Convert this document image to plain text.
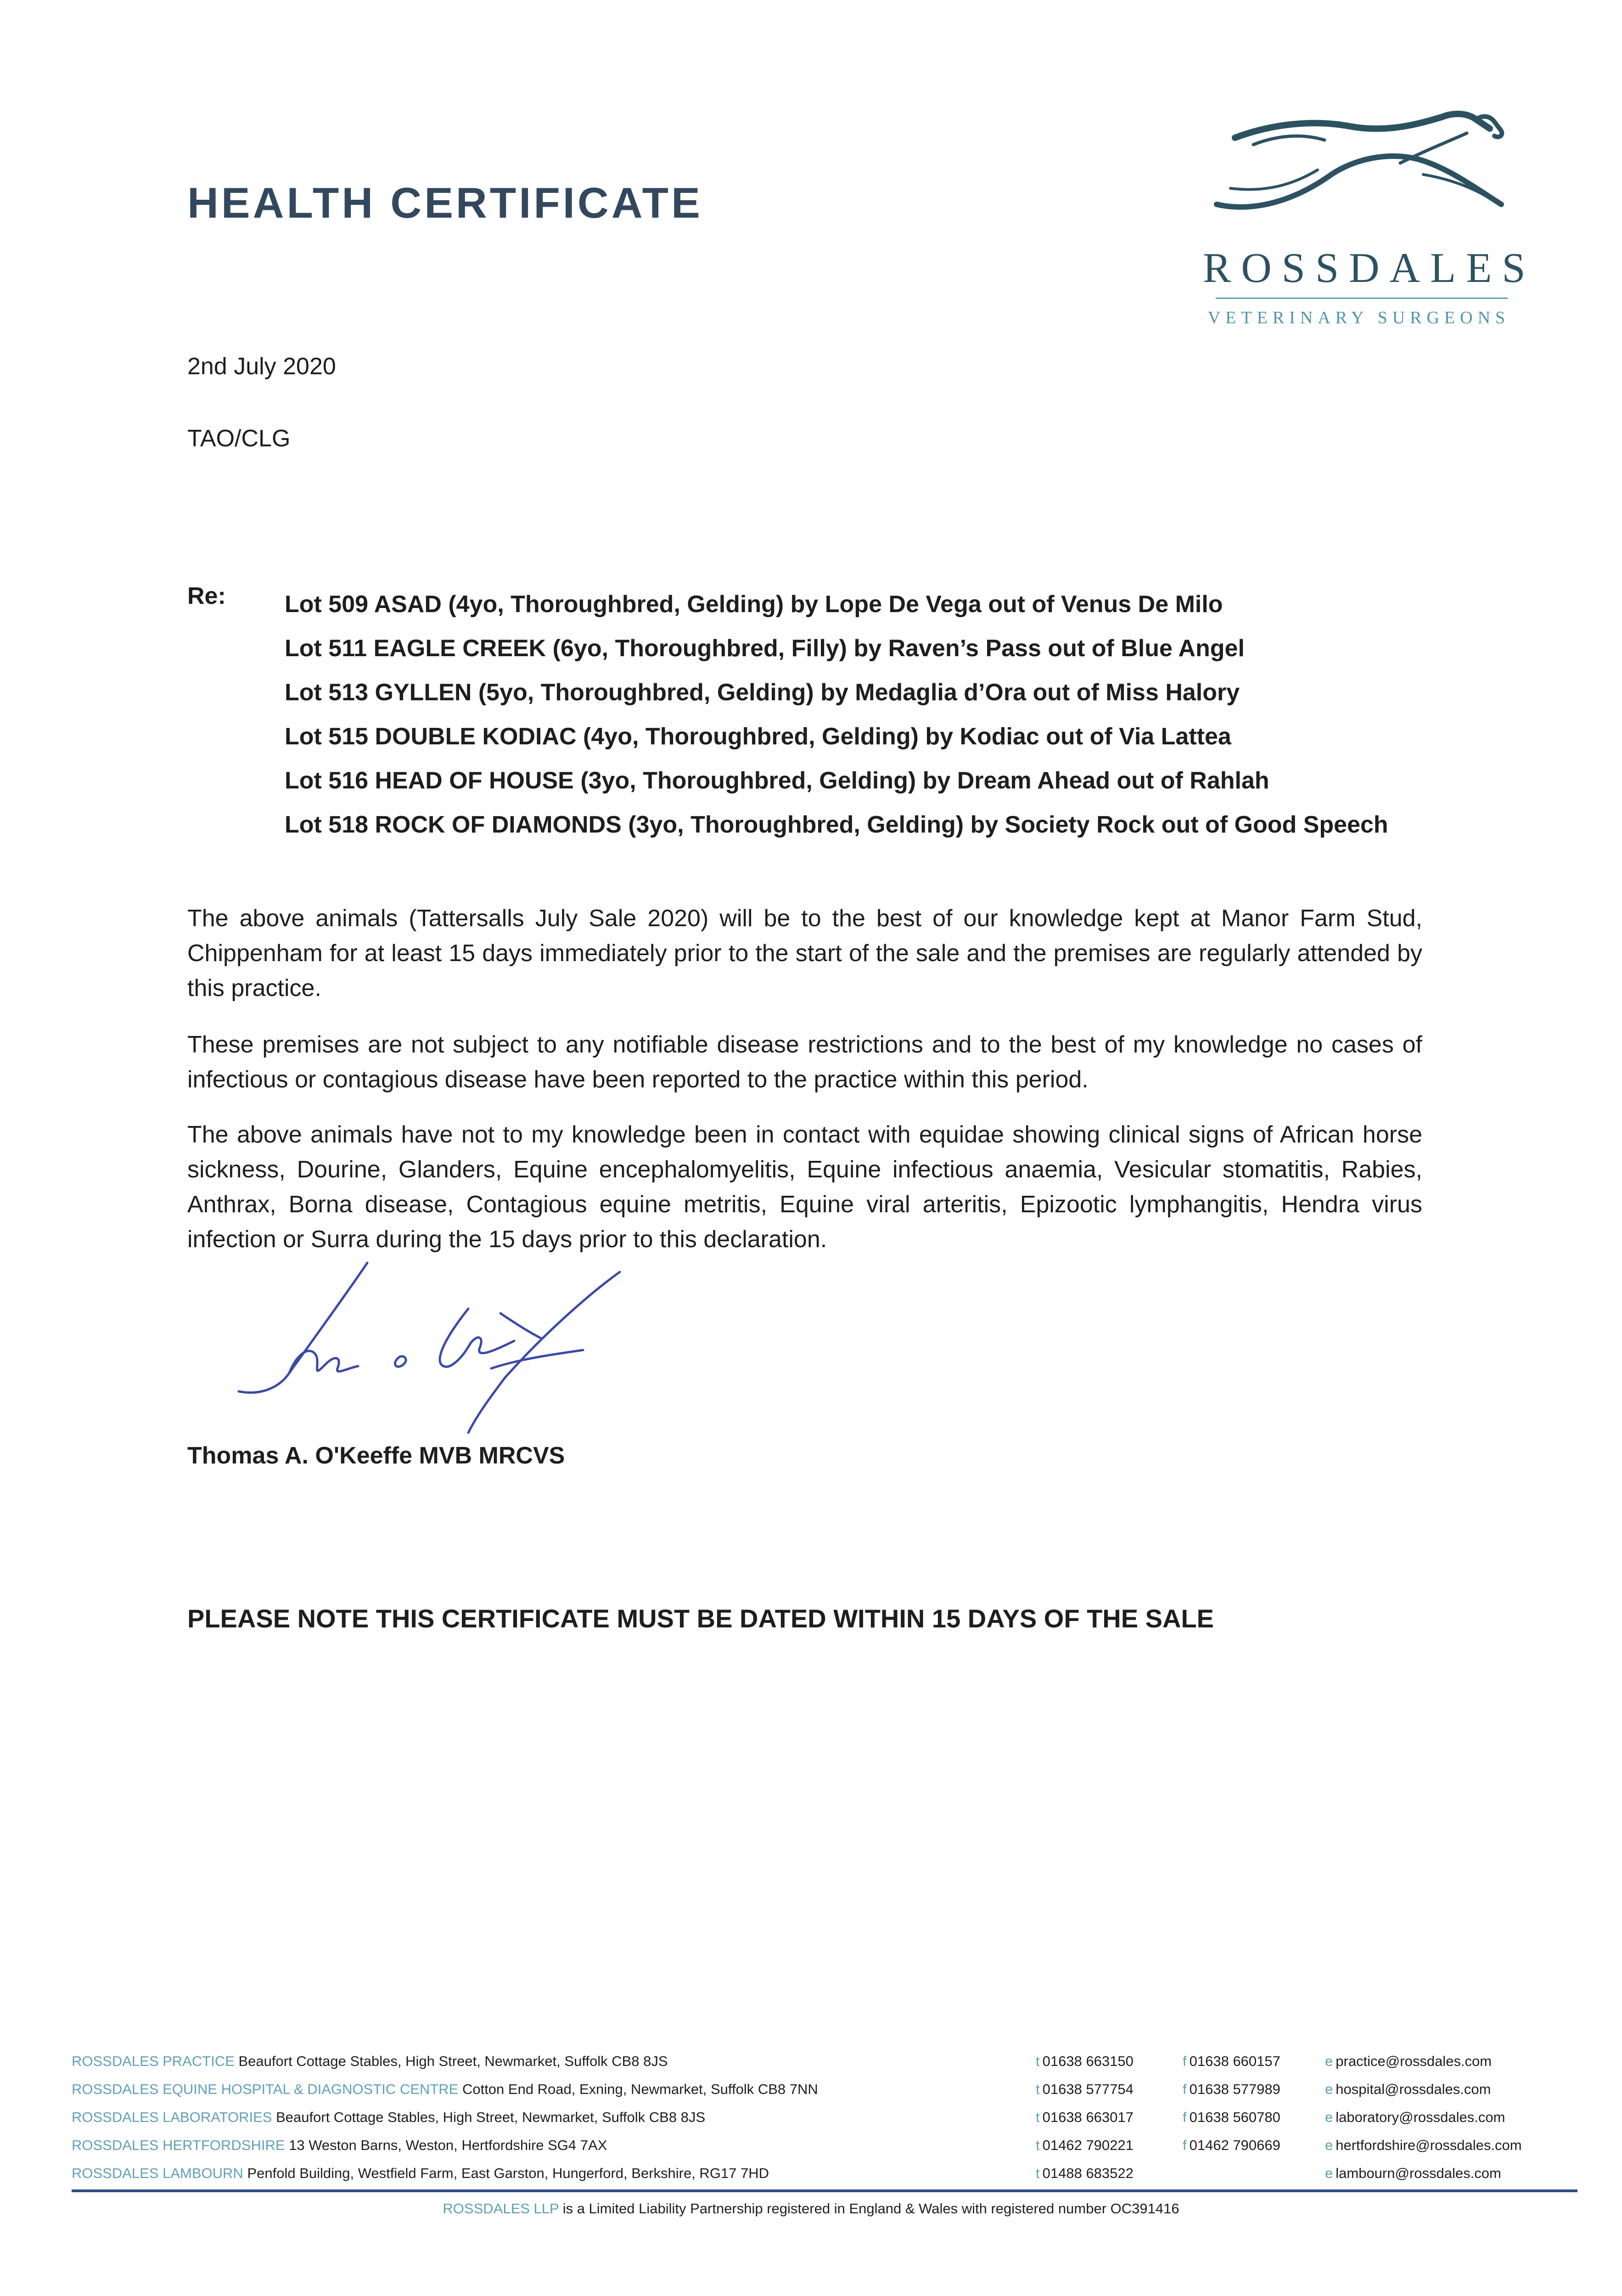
HEALTH CERTIFICATE
ROSSDALES
VETERINARY SURGEONS
2nd July 2020
TAO/CLG
Re: Lot 509 ASAD (4yo, Thoroughbred, Gelding) by Lope De Vega out of Venus De Milo
Lot 511 EAGLE CREEK (6yo, Thoroughbred, Filly) by Raven’s Pass out of Blue Angel
Lot 513 GYLLEN (5yo, Thoroughbred, Gelding) by Medaglia d’Ora out of Miss Halory
Lot 515 DOUBLE KODIAC (4yo, Thoroughbred, Gelding) by Kodiac out of Via Lattea
Lot 516 HEAD OF HOUSE (3yo, Thoroughbred, Gelding) by Dream Ahead out of Rahlah
Lot 518 ROCK OF DIAMONDS (3yo, Thoroughbred, Gelding) by Society Rock out of Good Speech

The above animals (Tattersalls July Sale 2020) will be to the best of our knowledge kept at Manor Farm Stud, Chippenham for at least 15 days immediately prior to the start of the sale and the premises are regularly attended by this practice.

These premises are not subject to any notifiable disease restrictions and to the best of my knowledge no cases of infectious or contagious disease have been reported to the practice within this period.

The above animals have not to my knowledge been in contact with equidae showing clinical signs of African horse sickness, Dourine, Glanders, Equine encephalomyelitis, Equine infectious anaemia, Vesicular stomatitis, Rabies, Anthrax, Borna disease, Contagious equine metritis, Equine viral arteritis, Epizootic lymphangitis, Hendra virus infection or Surra during the 15 days prior to this declaration.

Thomas A. O'Keeffe MVB MRCVS
PLEASE NOTE THIS CERTIFICATE MUST BE DATED WITHIN 15 DAYS OF THE SALE
ROSSDALES PRACTICE Beaufort Cottage Stables, High Street, Newmarket, Suffolk CB8 8JS	t 01638 663150	f 01638 660157	e practice@rossdales.com
ROSSDALES EQUINE HOSPITAL & DIAGNOSTIC CENTRE Cotton End Road, Exning, Newmarket, Suffolk CB8 7NN	t 01638 577754	f 01638 577989	e hospital@rossdales.com
ROSSDALES LABORATORIES Beaufort Cottage Stables, High Street, Newmarket, Suffolk CB8 8JS	t 01638 663017	f 01638 560780	e laboratory@rossdales.com
ROSSDALES HERTFORDSHIRE 13 Weston Barns, Weston, Hertfordshire SG4 7AX	t 01462 790221	f 01462 790669	e hertfordshire@rossdales.com
ROSSDALES LAMBOURN Penfold Building, Westfield Farm, East Garston, Hungerford, Berkshire, RG17 7HD	t 01488 683522		e lambourn@rossdales.com
ROSSDALES LLP is a Limited Liability Partnership registered in England & Wales with registered number OC391416
